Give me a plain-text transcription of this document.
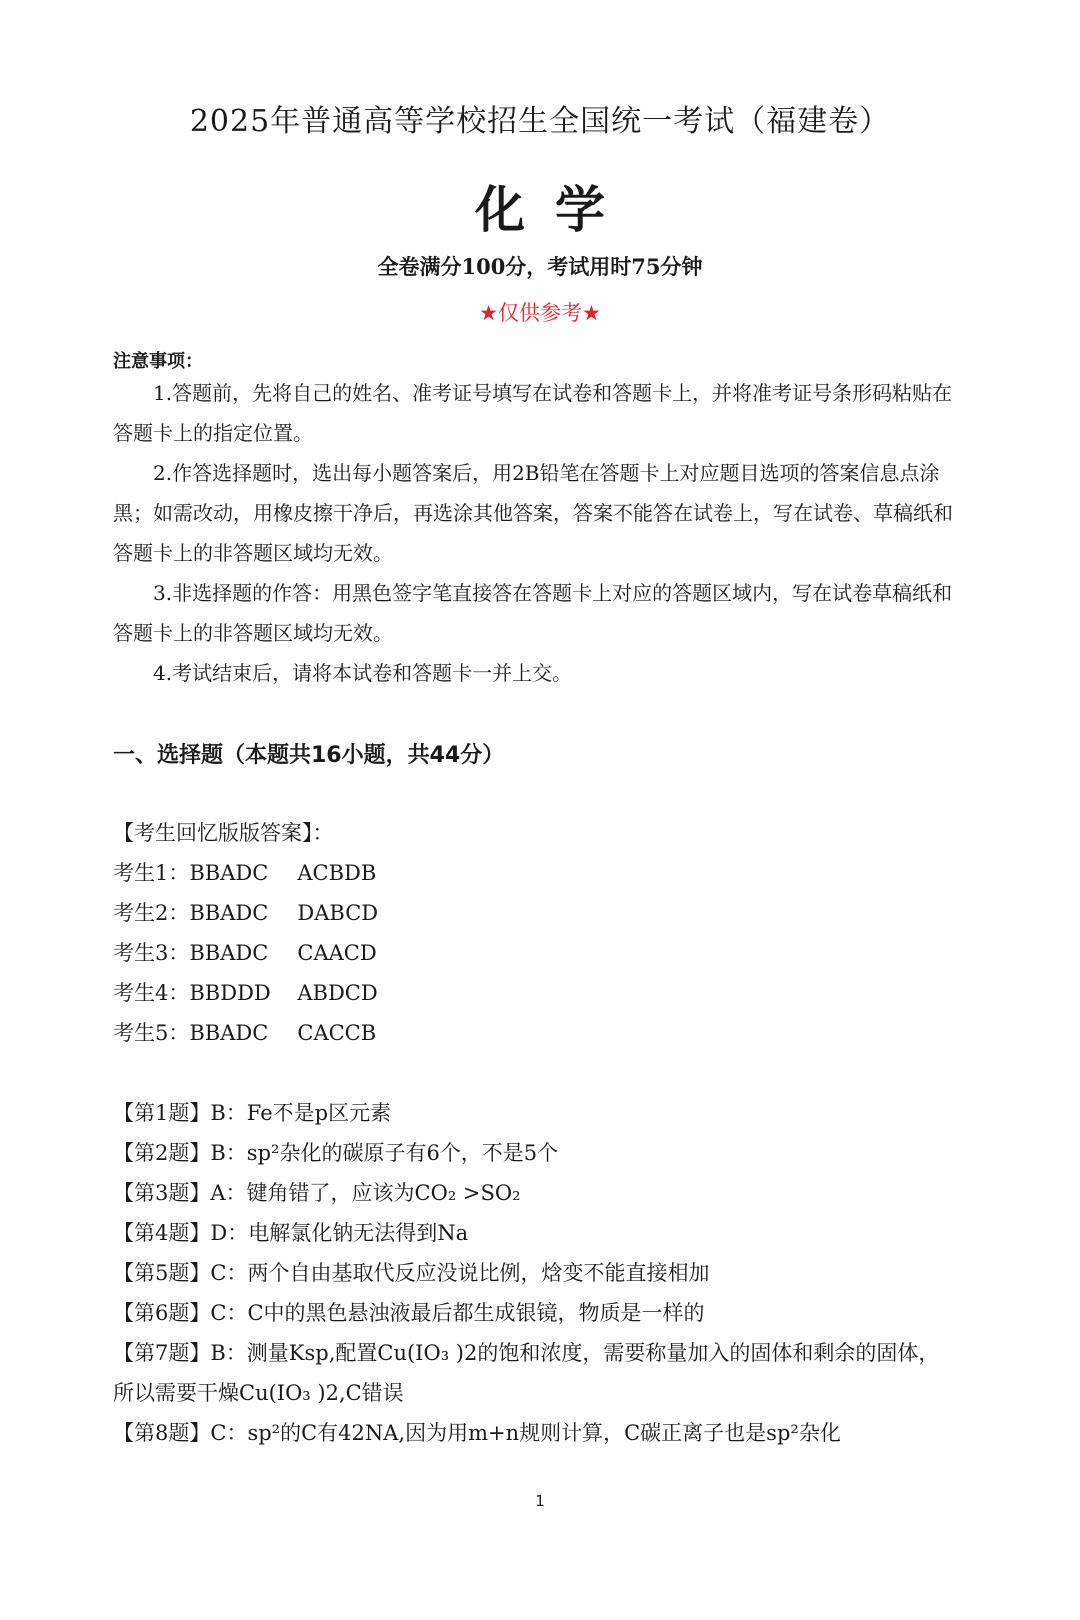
2025年普通高等学校招生全国统一考试（福建卷）
化学
全卷满分100分，考试用时75分钟
★仅供参考★
注意事项：

1.答题前，先将自己的姓名、准考证号填写在试卷和答题卡上，并将准考证号条形码粘贴在答题卡上的指定位置。

2.作答选择题时，选出每小题答案后，用2B铅笔在答题卡上对应题目选项的答案信息点涂黑；如需改动，用橡皮擦干净后，再选涂其他答案，答案不能答在试卷上，写在试卷、草稿纸和答题卡上的非答题区域均无效。

3.非选择题的作答：用黑色签字笔直接答在答题卡上对应的答题区域内，写在试卷草稿纸和答题卡上的非答题区域均无效。

4.考试结束后，请将本试卷和答题卡一并上交。

一、选择题（本题共16小题，共44分）
【考生回忆版版答案】：
考生1：BBADC ACBDB
考生2：BBADC DABCD
考生3：BBADC CAACD
考生4：BBDDD ABDCD
考生5：BBADC CACCB
【第1题】B：Fe不是p区元素
【第2题】B：sp²杂化的碳原子有6个，不是5个
【第3题】A：键角错了，应该为CO₂ >SO₂
【第4题】D：电解氯化钠无法得到Na
【第5题】C：两个自由基取代反应没说比例，焓变不能直接相加
【第6题】C：C中的黑色悬浊液最后都生成银镜，物质是一样的
【第7题】B：测量Ksp,配置Cu(IO₃ )2的饱和浓度，需要称量加入的固体和剩余的固体，所以需要干燥Cu(IO₃ )2,C错误
【第8题】C：sp²的C有42NA,因为用m+n规则计算，C碳正离子也是sp²杂化
1
